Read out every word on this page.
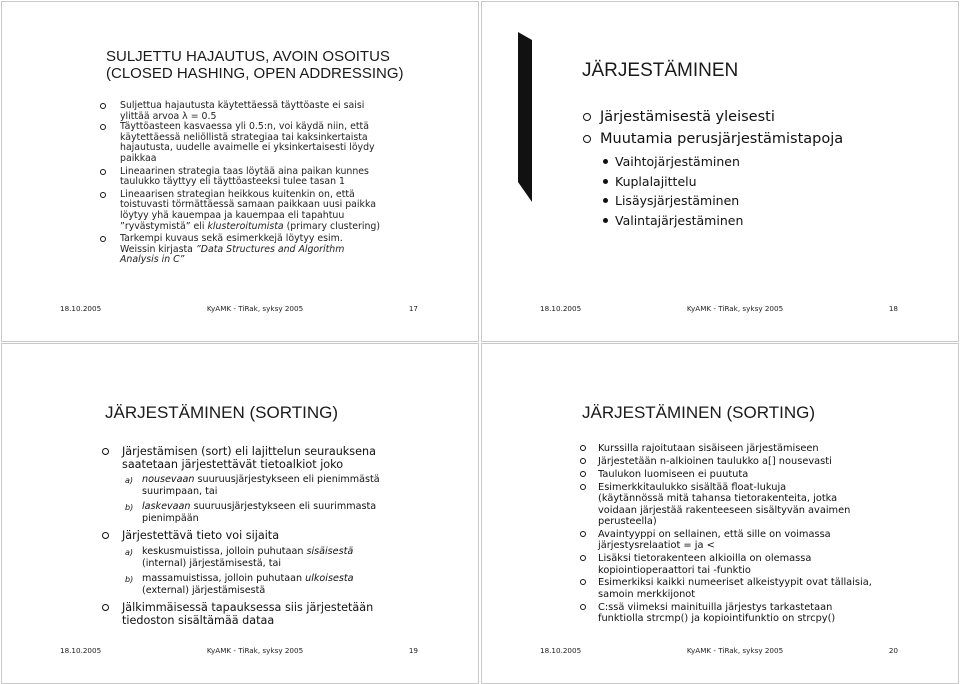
SULJETTU HAJAUTUS, AVOIN OSOITUS
(CLOSED HASHING, OPEN ADDRESSING)
Suljettua hajautusta käytettäessä täyttöaste ei saisi
ylittää arvoa λ = 0.5
Täyttöasteen kasvaessa yli 0.5:n, voi käydä niin, että
käytettäessä neliöllistä strategiaa tai kaksinkertaista
hajautusta, uudelle avaimelle ei yksinkertaisesti löydy
paikkaa
Lineaarinen strategia taas löytää aina paikan kunnes
taulukko täyttyy eli täyttöasteeksi tulee tasan 1
Lineaarisen strategian heikkous kuitenkin on, että
toistuvasti törmättäessä samaan paikkaan uusi paikka
löytyy yhä kauempaa ja kauempaa eli tapahtuu
”ryvästymistä” eli klusteroitumista (primary clustering)
Tarkempi kuvaus sekä esimerkkejä löytyy esim.
Weissin kirjasta ”Data Structures and Algorithm
Analysis in C”
18.10.2005	KyAMK - TiRak, syksy 2005	17
JÄRJESTÄMINEN
Järjestämisestä yleisesti
Muutamia perusjärjestämistapoja
Vaihtojärjestäminen
Kuplalajittelu
Lisäysjärjestäminen
Valintajärjestäminen
18.10.2005	KyAMK - TiRak, syksy 2005	18
JÄRJESTÄMINEN (SORTING)
Järjestämisen (sort) eli lajittelun seurauksena
saatetaan järjestettävät tietoalkiot joko
a) nousevaan suuruusjärjestykseen eli pienimmästä
suurimpaan, tai
b) laskevaan suuruusjärjestykseen eli suurimmasta
pienimpään
Järjestettävä tieto voi sijaita
a) keskusmuistissa, jolloin puhutaan sisäisestä
(internal) järjestämisestä, tai
b) massamuistissa, jolloin puhutaan ulkoisesta
(external) järjestämisestä
Jälkimmäisessä tapauksessa siis järjestetään
tiedoston sisältämää dataa
18.10.2005	KyAMK - TiRak, syksy 2005	19
JÄRJESTÄMINEN (SORTING)
Kurssilla rajoitutaan sisäiseen järjestämiseen
Järjestetään n-alkioinen taulukko a[] nousevasti
Taulukon luomiseen ei puututa
Esimerkkitaulukko sisältää float-lukuja
(käytännössä mitä tahansa tietorakenteita, jotka
voidaan järjestää rakenteeseen sisältyvän avaimen
perusteella)
Avaintyyppi on sellainen, että sille on voimassa
järjestysrelaatiot = ja <
Lisäksi tietorakenteen alkioilla on olemassa
kopiointioperaattori tai -funktio
Esimerkiksi kaikki numeeriset alkeistyypit ovat tällaisia,
samoin merkkijonot
C:ssä viimeksi mainituilla järjestys tarkastetaan
funktiolla strcmp() ja kopiointifunktio on strcpy()
18.10.2005	KyAMK - TiRak, syksy 2005	20
